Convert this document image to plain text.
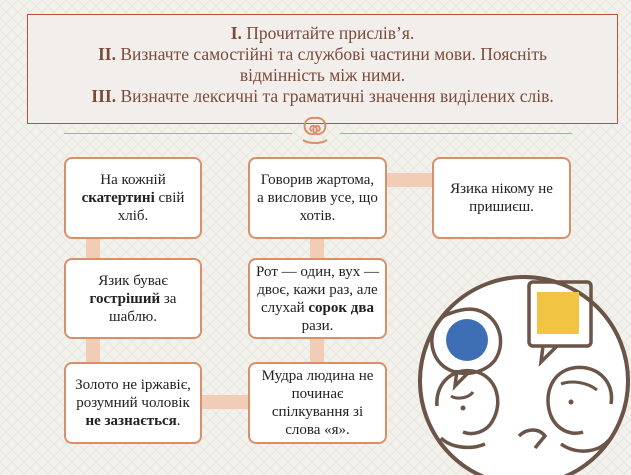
I. Прочитайте прислів’я.
II. Визначте самостійні та службові частини мови. Поясніть
відмінність між ними.
III. Визначте лексичні та граматичні значення виділених слів.
На кожній скатертині свій хліб.
Язик буває гостріший за шаблю.
Золото не іржавіє, розумний чоловік не зазнається.
Говорив жартома, а висловив усе, що хотів.
Рот — один, вух — двоє, кажи раз, але слухай сорок два рази.
Мудра людина не починає спілкування зі слова «я».
Язика нікому не пришиєш.
